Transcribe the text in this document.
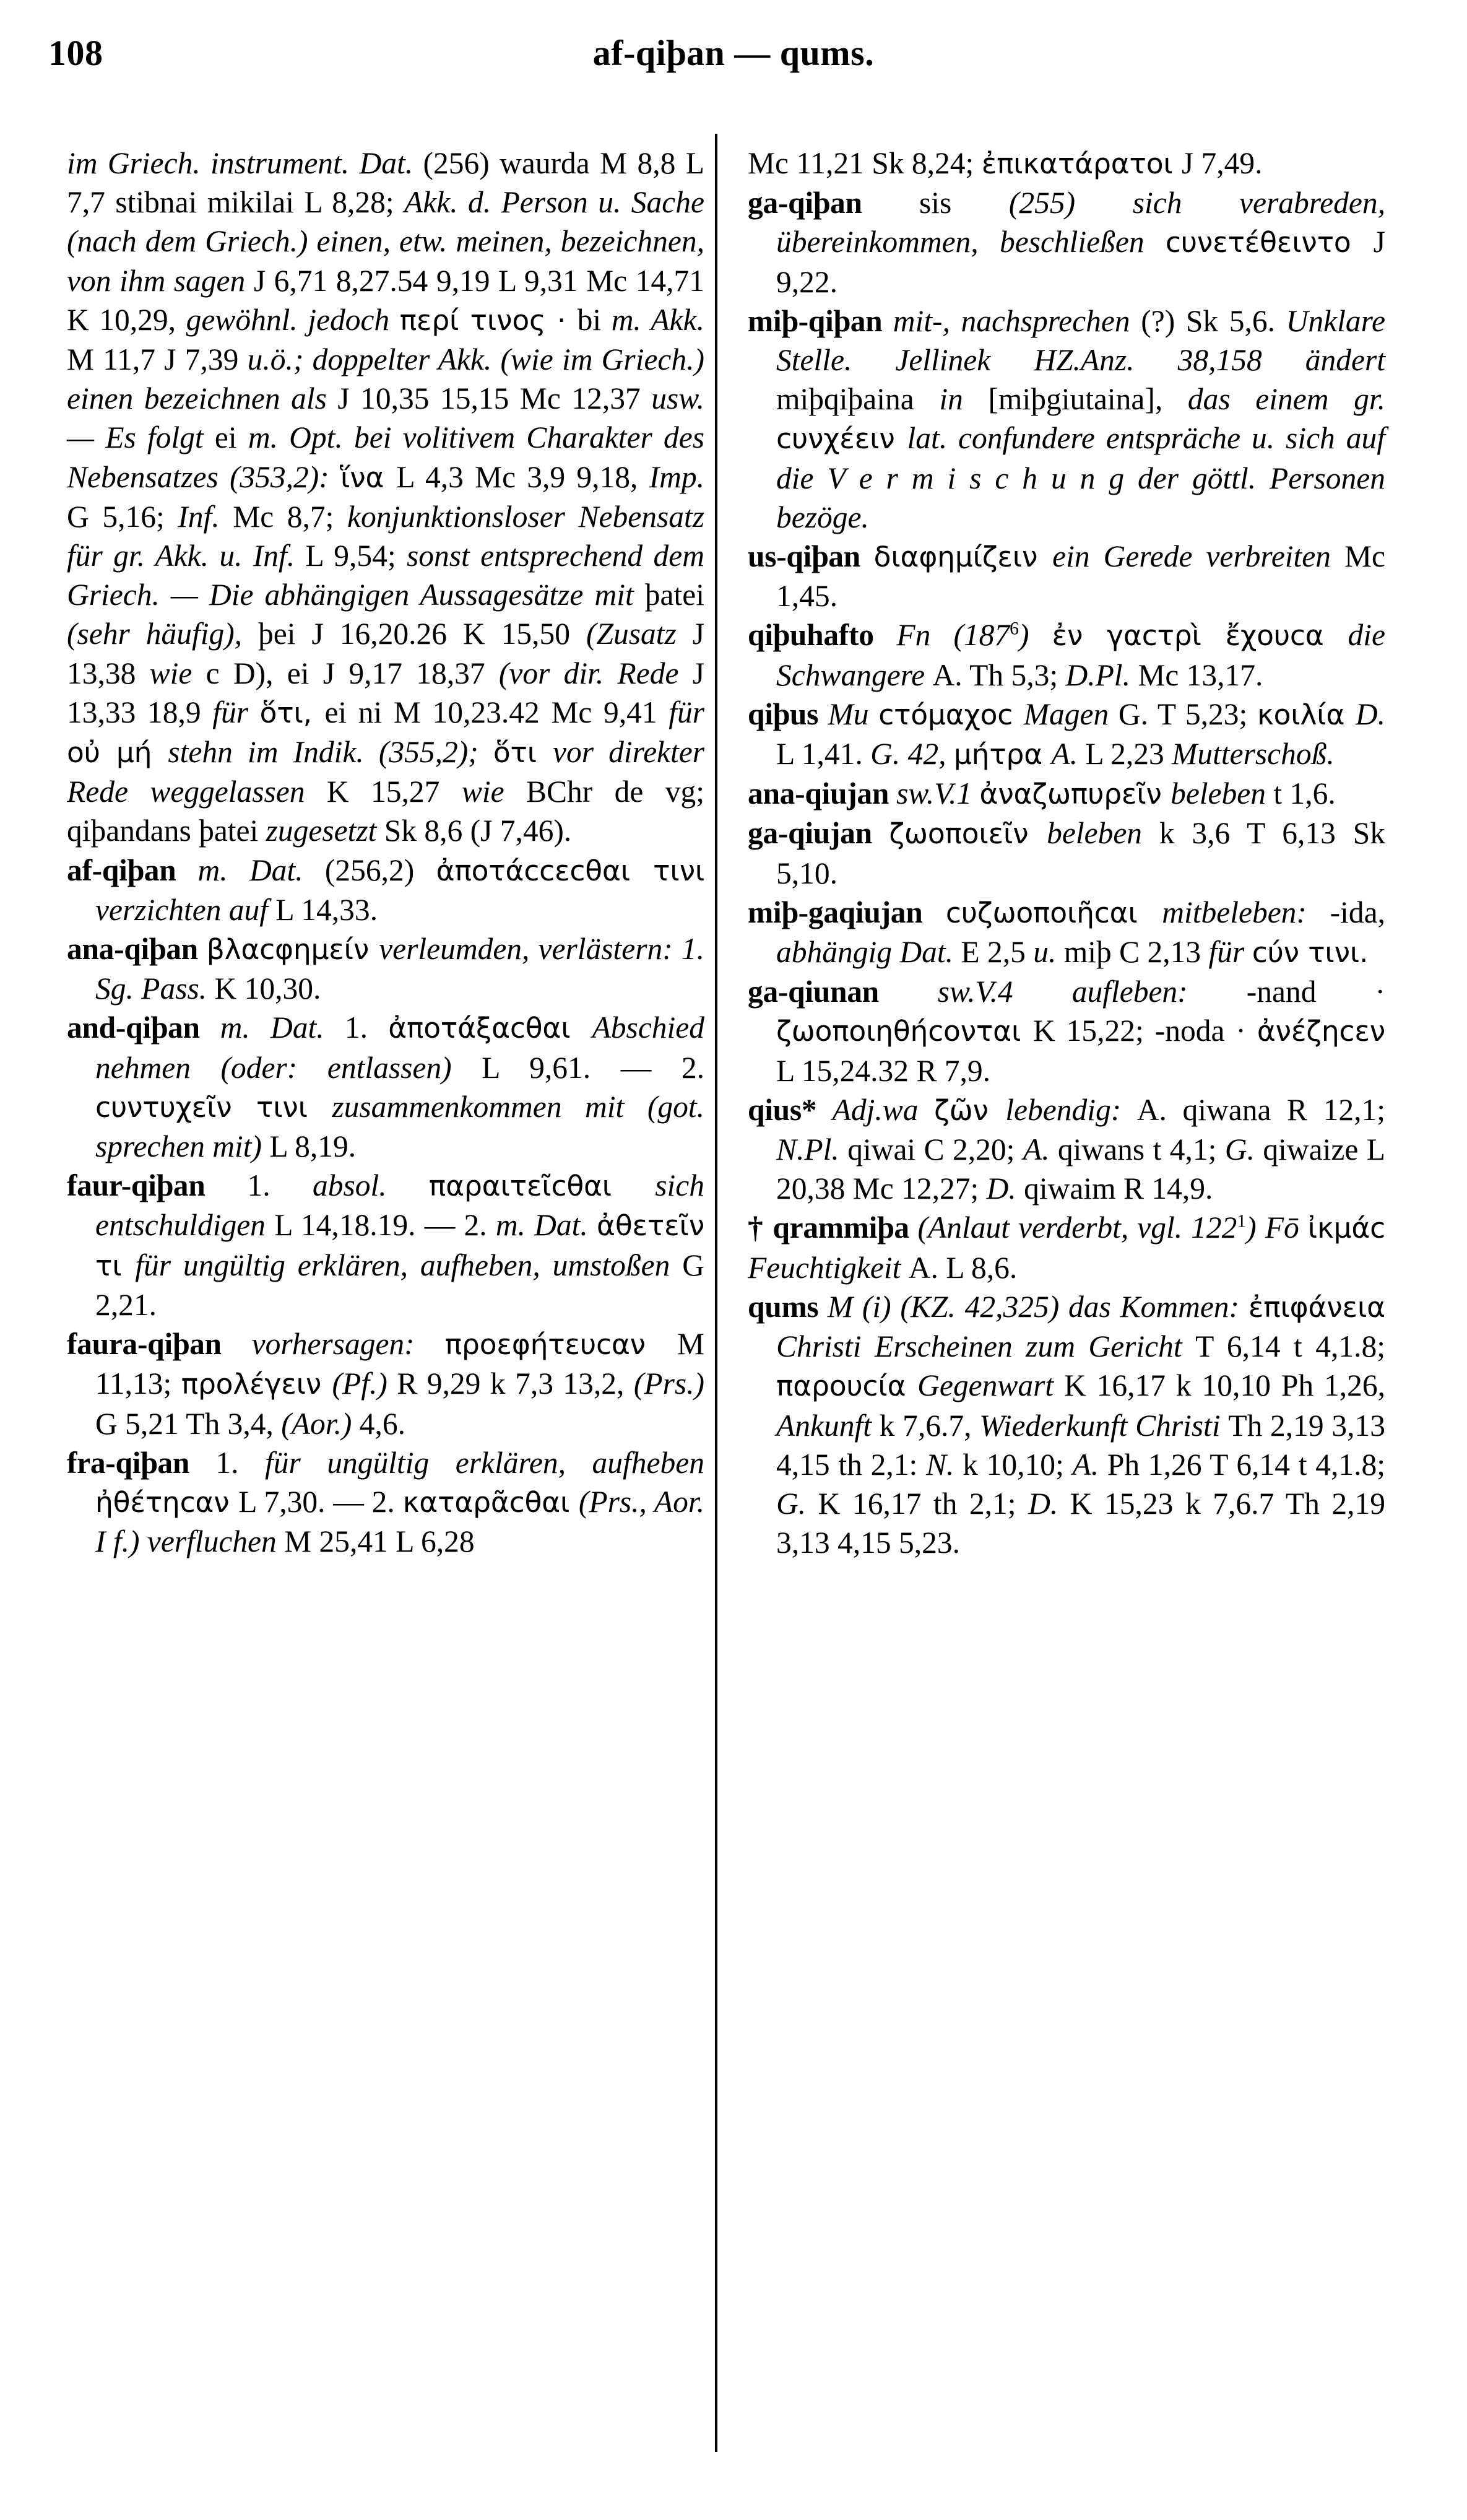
108	af-qiþan — qums.

im Griech. instrument. Dat. (256) waurda M 8,8 L 7,7 stibnai mikilai L 8,28; Akk. d. Person u. Sache (nach dem Griech.) einen, etw. meinen, bezeichnen, von ihm sagen J 6,71 8,27.54 9,19 L 9,31 Mc 14,71 K 10,29, gewöhnl. jedoch περί τινος · bi m. Akk. M 11,7 J 7,39 u.ö.; doppelter Akk. (wie im Griech.) einen bezeichnen als J 10,35 15,15 Mc 12,37 usw. — Es folgt ei m. Opt. bei volitivem Charakter des Nebensatzes (353,2): ἵνα L 4,3 Mc 3,9 9,18, Imp. G 5,16; Inf. Mc 8,7; konjunktionsloser Nebensatz für gr. Akk. u. Inf. L 9,54; sonst entsprechend dem Griech. — Die abhängigen Aussagesätze mit þatei (sehr häufig), þei J 16,20.26 K 15,50 (Zusatz J 13,38 wie c D), ei J 9,17 18,37 (vor dir. Rede J 13,33 18,9 für ὅτι, ei ni M 10,23.42 Mc 9,41 für οὐ μή stehn im Indik. (355,2); ὅτι vor direkter Rede weggelassen K 15,27 wie BChr de vg; qiþandans þatei zugesetzt Sk 8,6 (J 7,46).

af-qiþan m. Dat. (256,2) ἀποτάccεcθαι τινι verzichten auf L 14,33.

ana-qiþan βλαcφημείν verleumden, verlästern: 1. Sg. Pass. K 10,30.

and-qiþan m. Dat. 1. ἀποτάξαcθαι Abschied nehmen (oder: entlassen) L 9,61. — 2. cυντυχεῖν τινι zusammenkommen mit (got. sprechen mit) L 8,19.

faur-qiþan 1. absol. παραιτεῖcθαι sich entschuldigen L 14,18.19. — 2. m. Dat. ἀθετεῖν τι für ungültig erklären, aufheben, umstoßen G 2,21.

faura-qiþan vorhersagen: προεφήτευcαν M 11,13; προλέγειν (Pf.) R 9,29 k 7,3 13,2, (Prs.) G 5,21 Th 3,4, (Aor.) 4,6.

fra-qiþan 1. für ungültig erklären, aufheben ἠθέτηcαν L 7,30. — 2. καταρᾶcθαι (Prs., Aor. I f.) verfluchen M 25,41 L 6,28

Mc 11,21 Sk 8,24; ἐπικατάρατοι J 7,49.

ga-qiþan sis (255) sich verabreden, übereinkommen, beschließen cυνετέθειντο J 9,22.

miþ-qiþan mit-, nachsprechen (?) Sk 5,6. Unklare Stelle. Jellinek HZ.Anz. 38,158 ändert miþqiþaina in [miþgiutaina], das einem gr. cυνχέειν lat. confundere entspräche u. sich auf die V e r m i s c h u n g der göttl. Personen bezöge.

us-qiþan διαφημίζειν ein Gerede verbreiten Mc 1,45.

qiþuhafto Fn $(187^6)$ ἐν γαcτρὶ ἔχουcα die Schwangere A. Th 5,3; D.Pl. Mc 13,17.

qiþus Mu cτόμαχοc Magen G. T 5,23; κοιλία D. L 1,41. G. 42, μήτρα A. L 2,23 Mutterschoß.

ana-qiujan sw.V.1 ἀναζωπυρεῖν beleben t 1,6.

ga-qiujan ζωοποιεῖν beleben k 3,6 T 6,13 Sk 5,10.

miþ-gaqiujan cυζωοποιῆcαι mitbeleben: -ida, abhängig Dat. E 2,5 u. miþ C 2,13 für cύν τινι.

ga-qiunan sw.V.4 aufleben: -nand · ζωοποιηθήcονται K 15,22; -noda · ἀνέζηcεν L 15,24.32 R 7,9.

qius* Adj.wa ζῶν lebendig: A. qiwana R 12,1; N.Pl. qiwai C 2,20; A. qiwans t 4,1; G. qiwaize L 20,38 Mc 12,27; D. qiwaim R 14,9.

† qrammiþa (Anlaut verderbt, vgl. $122^1$) Fō ἰκμάc Feuchtigkeit A. L 8,6.

qums M (i) (KZ. 42,325) das Kommen: ἐπιφάνεια Christi Erscheinen zum Gericht T 6,14 t 4,1.8; παρουcία Gegenwart K 16,17 k 10,10 Ph 1,26, Ankunft k 7,6.7, Wiederkunft Christi Th 2,19 3,13 4,15 th 2,1: N. k 10,10; A. Ph 1,26 T 6,14 t 4,1.8; G. K 16,17 th 2,1; D. K 15,23 k 7,6.7 Th 2,19 3,13 4,15 5,23.
